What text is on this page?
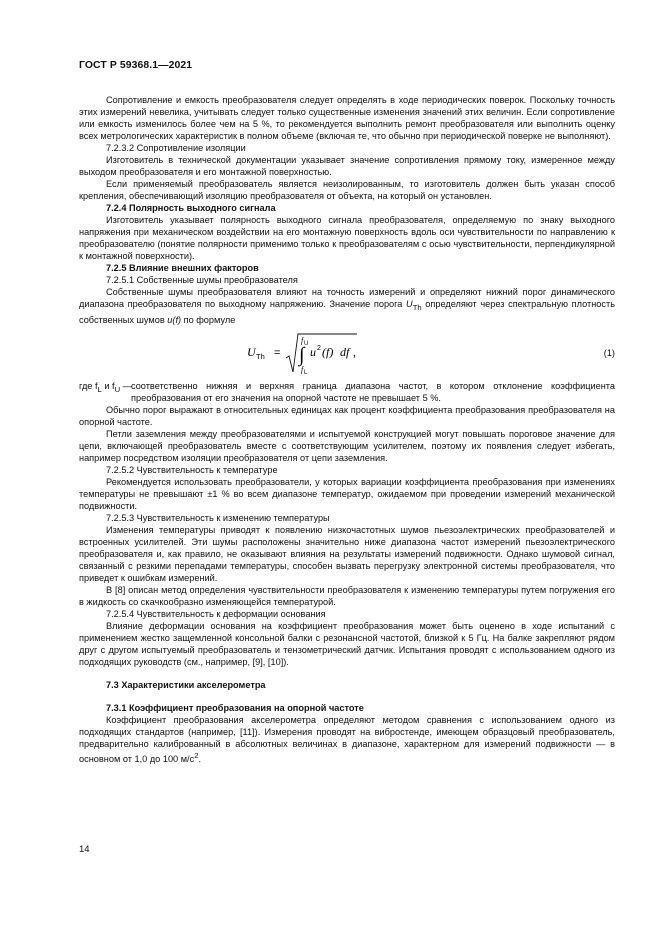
ГОСТ Р 59368.1—2021

Сопротивление и емкость преобразователя следует определять в ходе периодических поверок. Поскольку точность этих измерений невелика, учитывать следует только существенные изменения значений этих величин. Если сопротивление или емкость изменилось более чем на 5 %, то рекомендуется выполнить ремонт преобразователя или выполнить оценку всех метрологических характеристик в полном объеме (включая те, что обычно при периодической поверке не выполняют).

7.2.3.2 Сопротивление изоляции

Изготовитель в технической документации указывает значение сопротивления прямому току, измеренное между выходом преобразователя и его монтажной поверхностью.

Если применяемый преобразователь является неизолированным, то изготовитель должен быть указан способ крепления, обеспечивающий изоляцию преобразователя от объекта, на который он установлен.

7.2.4 Полярность выходного сигнала

Изготовитель указывает полярность выходного сигнала преобразователя, определяемую по знаку выходного напряжения при механическом воздействии на его монтажную поверхность вдоль оси чувствительности по направлению к преобразователю (понятие полярности применимо только к преобразователям с осью чувствительности, перпендикулярной к монтажной поверхности).

7.2.5 Влияние внешних факторов

7.2.5.1 Собственные шумы преобразователя

Собственные шумы преобразователя влияют на точность измерений и определяют нижний порог динамического диапазона преобразователя по выходному напряжению. Значение порога $U_{Th}$ определяют через спектральную плотность собственных шумов u(f) по формуле

U Th =
f U
∫
f L
u 2 (f) df ,	(1)
где $f_L$ и $f_U$ — соответственно нижняя и верхняя граница диапазона частот, в котором отклонение коэффициента преобразования от его значения на опорной частоте не превышает 5 %.

Обычно порог выражают в относительных единицах как процент коэффициента преобразования преобразователя на опорной частоте.

Петли заземления между преобразователями и испытуемой конструкцией могут повышать пороговое значение для цепи, включающей преобразователь вместе с соответствующим усилителем, поэтому их появления следует избегать, например посредством изоляции преобразователя от цепи заземления.

7.2.5.2 Чувствительность к температуре

Рекомендуется использовать преобразователи, у которых вариации коэффициента преобразования при изменениях температуры не превышают ±1 % во всем диапазоне температур, ожидаемом при проведении измерений механической подвижности.

7.2.5.3 Чувствительность к изменению температуры

Изменения температуры приводят к появлению низкочастотных шумов пьезоэлектрических преобразователей и встроенных усилителей. Эти шумы расположены значительно ниже диапазона частот измерений пьезоэлектрического преобразователя и, как правило, не оказывают влияния на результаты измерений подвижности. Однако шумовой сигнал, связанный с резкими перепадами температуры, способен вызвать перегрузку электронной системы преобразователя, что приведет к ошибкам измерений.

В [8] описан метод определения чувствительности преобразователя к изменению температуры путем погружения его в жидкость со скачкообразно изменяющейся температурой.

7.2.5.4 Чувствительность к деформации основания

Влияние деформации основания на коэффициент преобразования может быть оценено в ходе испытаний с применением жестко защемленной консольной балки с резонансной частотой, близкой к 5 Гц. На балке закрепляют рядом друг с другом испытуемый преобразователь и тензометрический датчик. Испытания проводят с использованием одного из подходящих руководств (см., например, [9], [10]).

7.3 Характеристики акселерометра

7.3.1 Коэффициент преобразования на опорной частоте

Коэффициент преобразования акселерометра определяют методом сравнения с использованием одного из подходящих стандартов (например, [11]). Измерения проводят на вибростенде, имеющем образцовый преобразователь, предварительно калиброванный в абсолютных величинах в диапазоне, характерном для измерений подвижности — в основном от 1,0 до 100 $м/с^2$.

14
